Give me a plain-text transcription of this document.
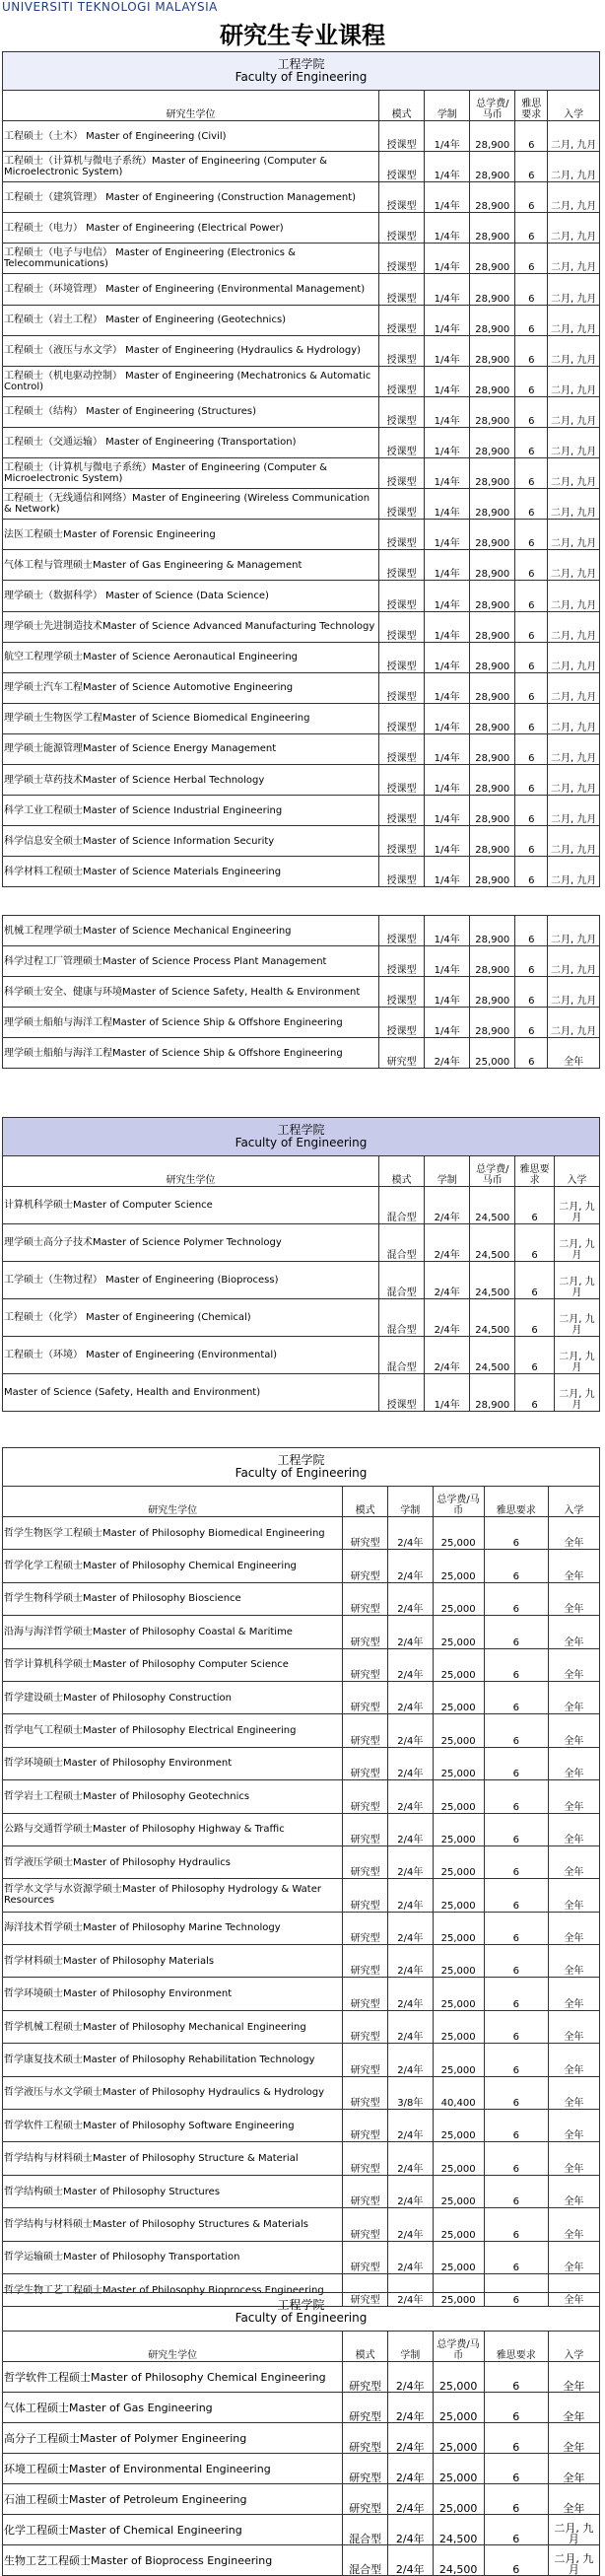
UNIVERSITI TEKNOLOGI MALAYSIA
研究生专业课程
工程学院
Faculty of Engineering					

研究生学位	模式	学制	总学费/马币	雅思要求	入学
工程硕士（土木） Master of Engineering (Civil)	授课型	1/4年	28,900	6	二月, 九月
工程硕士（计算机与微电子系统）Master of Engineering (Computer & Microelectronic System)	授课型	1/4年	28,900	6	二月, 九月
工程硕士（建筑管理） Master of Engineering (Construction Management)	授课型	1/4年	28,900	6	二月, 九月
工程硕士（电力） Master of Engineering (Electrical Power)	授课型	1/4年	28,900	6	二月, 九月
工程硕士（电子与电信） Master of Engineering (Electronics & Telecommunications)	授课型	1/4年	28,900	6	二月, 九月
工程硕士（环境管理） Master of Engineering (Environmental Management)	授课型	1/4年	28,900	6	二月, 九月
工程硕士（岩土工程） Master of Engineering (Geotechnics)	授课型	1/4年	28,900	6	二月, 九月
工程硕士（液压与水文学） Master of Engineering (Hydraulics & Hydrology)	授课型	1/4年	28,900	6	二月, 九月
工程硕士（机电驱动控制） Master of Engineering (Mechatronics & Automatic Control)	授课型	1/4年	28,900	6	二月, 九月
工程硕士（结构） Master of Engineering (Structures)	授课型	1/4年	28,900	6	二月, 九月
工程硕士（交通运输） Master of Engineering (Transportation)	授课型	1/4年	28,900	6	二月, 九月
工程硕士（计算机与微电子系统）Master of Engineering (Computer & Microelectronic System)	授课型	1/4年	28,900	6	二月, 九月
工程硕士（无线通信和网络）Master of Engineering (Wireless Communication & Network)	授课型	1/4年	28,900	6	二月, 九月
法医工程硕士Master of Forensic Engineering	授课型	1/4年	28,900	6	二月, 九月
气体工程与管理硕士Master of Gas Engineering & Management	授课型	1/4年	28,900	6	二月, 九月
理学硕士（数据科学） Master of Science (Data Science)	授课型	1/4年	28,900	6	二月, 九月
理学硕士先进制造技术Master of Science Advanced Manufacturing Technology	授课型	1/4年	28,900	6	二月, 九月
航空工程理学硕士Master of Science Aeronautical Engineering	授课型	1/4年	28,900	6	二月, 九月
理学硕士汽车工程Master of Science Automotive Engineering	授课型	1/4年	28,900	6	二月, 九月
理学硕士生物医学工程Master of Science Biomedical Engineering	授课型	1/4年	28,900	6	二月, 九月
理学硕士能源管理Master of Science Energy Management	授课型	1/4年	28,900	6	二月, 九月
理学硕士草药技术Master of Science Herbal Technology	授课型	1/4年	28,900	6	二月, 九月
科学工业工程硕士Master of Science Industrial Engineering	授课型	1/4年	28,900	6	二月, 九月
科学信息安全硕士Master of Science Information Security	授课型	1/4年	28,900	6	二月, 九月
科学材料工程硕士Master of Science Materials Engineering	授课型	1/4年	28,900	6	二月, 九月
机械工程理学硕士Master of Science Mechanical Engineering	授课型	1/4年	28,900	6	二月, 九月
科学过程工厂管理硕士Master of Science Process Plant Management	授课型	1/4年	28,900	6	二月, 九月
科学硕士安全、健康与环境Master of Science Safety, Health & Environment	授课型	1/4年	28,900	6	二月, 九月
理学硕士船舶与海洋工程Master of Science Ship & Offshore Engineering	授课型	1/4年	28,900	6	二月, 九月
理学硕士船舶与海洋工程Master of Science Ship & Offshore Engineering	研究型	2/4年	25,000	6	全年
工程学院
Faculty of Engineering					

研究生学位	模式	学制	总学费/马币	雅思要求	入学
计算机科学硕士Master of Computer Science	混合型	2/4年	24,500	6	二月, 九月
理学硕士高分子技术Master of Science Polymer Technology	混合型	2/4年	24,500	6	二月, 九月
工学硕士（生物过程） Master of Engineering (Bioprocess)	混合型	2/4年	24,500	6	二月, 九月
工程硕士（化学） Master of Engineering (Chemical)	混合型	2/4年	24,500	6	二月, 九月
工程硕士（环境） Master of Engineering (Environmental)	混合型	2/4年	24,500	6	二月, 九月
Master of Science (Safety, Health and Environment)	授课型	1/4年	28,900	6	二月, 九月
工程学院
Faculty of Engineering					

研究生学位	模式	学制	总学费/马币	雅思要求	入学
哲学生物医学工程硕士Master of Philosophy Biomedical Engineering	研究型	2/4年	25,000	6	全年
哲学化学工程硕士Master of Philosophy Chemical Engineering	研究型	2/4年	25,000	6	全年
哲学生物科学硕士Master of Philosophy Bioscience	研究型	2/4年	25,000	6	全年
沿海与海洋哲学硕士Master of Philosophy Coastal & Maritime	研究型	2/4年	25,000	6	全年
哲学计算机科学硕士Master of Philosophy Computer Science	研究型	2/4年	25,000	6	全年
哲学建设硕士Master of Philosophy Construction	研究型	2/4年	25,000	6	全年
哲学电气工程硕士Master of Philosophy Electrical Engineering	研究型	2/4年	25,000	6	全年
哲学环境硕士Master of Philosophy Environment	研究型	2/4年	25,000	6	全年
哲学岩土工程硕士Master of Philosophy Geotechnics	研究型	2/4年	25,000	6	全年
公路与交通哲学硕士Master of Philosophy Highway & Traffic	研究型	2/4年	25,000	6	全年
哲学液压学硕士Master of Philosophy Hydraulics	研究型	2/4年	25,000	6	全年
哲学水文学与水资源学硕士Master of Philosophy Hydrology & Water Resources	研究型	2/4年	25,000	6	全年
海洋技术哲学硕士Master of Philosophy Marine Technology	研究型	2/4年	25,000	6	全年
哲学材料硕士Master of Philosophy Materials	研究型	2/4年	25,000	6	全年
哲学环境硕士Master of Philosophy Environment	研究型	2/4年	25,000	6	全年
哲学机械工程硕士Master of Philosophy Mechanical Engineering	研究型	2/4年	25,000	6	全年
哲学康复技术硕士Master of Philosophy Rehabilitation Technology	研究型	2/4年	25,000	6	全年
哲学液压与水文学硕士Master of Philosophy Hydraulics & Hydrology	研究型	3/8年	40,400	6	全年
哲学软件工程硕士Master of Philosophy Software Engineering	研究型	2/4年	25,000	6	全年
哲学结构与材料硕士Master of Philosophy Structure & Material	研究型	2/4年	25,000	6	全年
哲学结构硕士Master of Philosophy Structures	研究型	2/4年	25,000	6	全年
哲学结构与材料硕士Master of Philosophy Structures & Materials	研究型	2/4年	25,000	6	全年
哲学运输硕士Master of Philosophy Transportation	研究型	2/4年	25,000	6	全年
哲学生物工艺工程硕士Master of Philosophy Bioprocess Engineering	研究型	2/4年	25,000	6	全年
工程学院
Faculty of Engineering					

研究生学位	模式	学制	总学费/马币	雅思要求	入学
哲学软件工程硕士Master of Philosophy Chemical Engineering	研究型	2/4年	25,000	6	全年
气体工程硕士Master of Gas Engineering	研究型	2/4年	25,000	6	全年
高分子工程硕士Master of Polymer Engineering	研究型	2/4年	25,000	6	全年
环境工程硕士Master of Environmental Engineering	研究型	2/4年	25,000	6	全年
石油工程硕士Master of Petroleum Engineering	研究型	2/4年	25,000	6	全年
化学工程硕士Master of Chemical Engineering	混合型	2/4年	24,500	6	二月, 九月
生物工艺工程硕士Master of Bioprocess Engineering	混合型	2/4年	24,500	6	二月, 九月
